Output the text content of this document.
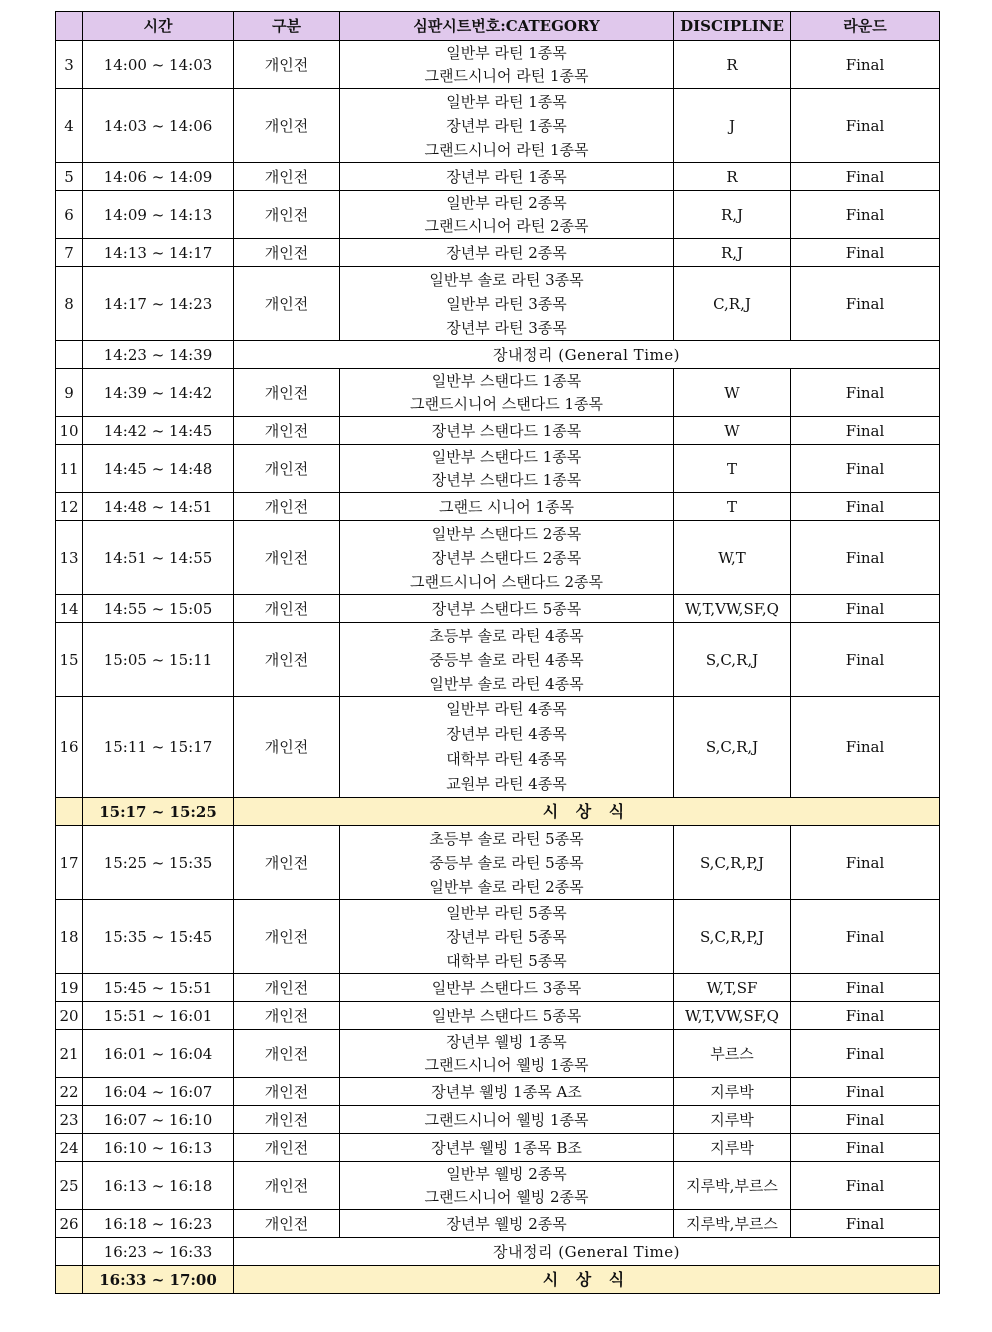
	시간	구분	심판시트번호:CATEGORY	DISCIPLINE	라운드
3	14:00 ~ 14:03	개인전	일반부 라틴 1종목
그랜드시니어 라틴 1종목	R	Final
4	14:03 ~ 14:06	개인전	일반부 라틴 1종목
장년부 라틴 1종목
그랜드시니어 라틴 1종목	J	Final
5	14:06 ~ 14:09	개인전	장년부 라틴 1종목	R	Final
6	14:09 ~ 14:13	개인전	일반부 라틴 2종목
그랜드시니어 라틴 2종목	R,J	Final
7	14:13 ~ 14:17	개인전	장년부 라틴 2종목	R,J	Final
8	14:17 ~ 14:23	개인전	일반부 솔로 라틴 3종목
일반부 라틴 3종목
장년부 라틴 3종목	C,R,J	Final
	14:23 ~ 14:39	장내정리 (General Time)			
9	14:39 ~ 14:42	개인전	일반부 스탠다드 1종목
그랜드시니어 스탠다드 1종목	W	Final
10	14:42 ~ 14:45	개인전	장년부 스탠다드 1종목	W	Final
11	14:45 ~ 14:48	개인전	일반부 스탠다드 1종목
장년부 스탠다드 1종목	T	Final
12	14:48 ~ 14:51	개인전	그랜드 시니어 1종목	T	Final
13	14:51 ~ 14:55	개인전	일반부 스탠다드 2종목
장년부 스탠다드 2종목
그랜드시니어 스탠다드 2종목	W,T	Final
14	14:55 ~ 15:05	개인전	장년부 스탠다드 5종목	W,T,VW,SF,Q	Final
15	15:05 ~ 15:11	개인전	초등부 솔로 라틴 4종목
중등부 솔로 라틴 4종목
일반부 솔로 라틴 4종목	S,C,R,J	Final
16	15:11 ~ 15:17	개인전	일반부 라틴 4종목
장년부 라틴 4종목
대학부 라틴 4종목
교원부 라틴 4종목	S,C,R,J	Final
	15:17 ~ 15:25	시 상 식			
17	15:25 ~ 15:35	개인전	초등부 솔로 라틴 5종목
중등부 솔로 라틴 5종목
일반부 솔로 라틴 2종목	S,C,R,P,J	Final
18	15:35 ~ 15:45	개인전	일반부 라틴 5종목
장년부 라틴 5종목
대학부 라틴 5종목	S,C,R,P,J	Final
19	15:45 ~ 15:51	개인전	일반부 스탠다드 3종목	W,T,SF	Final
20	15:51 ~ 16:01	개인전	일반부 스탠다드 5종목	W,T,VW,SF,Q	Final
21	16:01 ~ 16:04	개인전	장년부 웰빙 1종목
그랜드시니어 웰빙 1종목	부르스	Final
22	16:04 ~ 16:07	개인전	장년부 웰빙 1종목 A조	지루박	Final
23	16:07 ~ 16:10	개인전	그랜드시니어 웰빙 1종목	지루박	Final
24	16:10 ~ 16:13	개인전	장년부 웰빙 1종목 B조	지루박	Final
25	16:13 ~ 16:18	개인전	일반부 웰빙 2종목
그랜드시니어 웰빙 2종목	지루박,부르스	Final
26	16:18 ~ 16:23	개인전	장년부 웰빙 2종목	지루박,부르스	Final
	16:23 ~ 16:33	장내정리 (General Time)			
	16:33 ~ 17:00	시 상 식			
